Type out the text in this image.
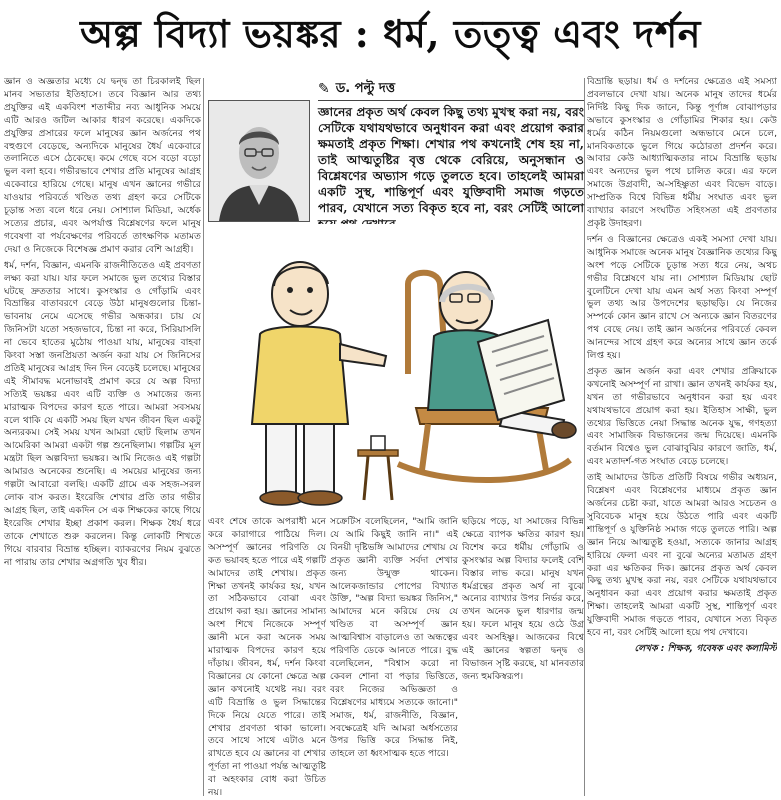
অল্প বিদ্যা ভয়ঙ্কর : ধর্ম, তত্ত্ব এবং দর্শন

জ্ঞান ও অজ্ঞতার মধ্যে যে দ্বন্দ্ব তা চিরকালই ছিল মানব সভ্যতার ইতিহাসে। তবে বিজ্ঞান আর তথ্য প্রযুক্তির এই একবিংশ শতাব্দীর নব্য আধুনিক সময়ে এটি আরও জটিল আকার ধারণ করেছে। একদিকে প্রযুক্তির প্রসারের ফলে মানুষের জ্ঞান অর্জনের পথ বহুগুণে বেড়েছে, অন্যদিকে মানুষের ধৈর্য একেবারে তলানিতে এসে ঠেকেছে। কমে গেছে বসে বড়ো বড়ো ভুল বলা হবে। গভীরভাবে শেখার প্রতি মানুষের আগ্রহ একেবারে হারিয়ে গেছে। মানুষ এখন জ্ঞানের গভীরে যাওয়ার পরিবর্তে খণ্ডিত তথ্য গ্রহণ করে সেটিকে চূড়ান্ত সত্য বলে ধরে নেয়। সোশ্যাল মিডিয়া, অর্ধেক সত্যের প্রচার, এবং অপর্যাপ্ত বিশ্লেষণের ফলে মানুষ গবেষণা বা পর্যবেক্ষণের পরিবর্তে তাৎক্ষণিক মতামত দেয়া ও নিজেকে বিশেষজ্ঞ প্রমাণ করার বেশি আগ্রহী।

ধর্ম, দর্শন, বিজ্ঞান, এমনকি রাজনীতিতেও এই প্রবণতা লক্ষ্য করা যায়। যার ফলে সমাজে ভুল তথ্যের বিস্তার ঘটছে দ্রুততার সাথে। কুসংস্কার ও গোঁড়ামি এবং বিভ্রান্তির বাতাবরণে বেড়ে উঠা মানুষগুলোর চিন্তা-ভাবনায় নেমে এসেছে গভীর অন্ধকার। চায় যে জিনিসটা যতো সহজভাবে, চিন্তা না করে, সিরিয়াসলি না ভেবে হাতের মুঠোয় পাওয়া যায়, মানুষের বাহবা কিংবা সস্তা জনপ্রিয়তা অর্জন করা যায় সে জিনিসের প্রতিই মানুষের আগ্রহ দিন দিন বেড়েই চলেছে। মানুষের এই সীমাবদ্ধ মনোভাবই প্রমাণ করে যে অল্প বিদ্যা সত্যিই ভয়ঙ্কর এবং এটি ব্যক্তি ও সমাজের জন্য মারাত্মক বিপদের কারণ হতে পারে। আমরা সবসময় বলে থাকি যে একটি সময় ছিল যখন জীবন ছিল একটু অন্যরকম। সেই সময় যখন আমরা ছোট ছিলাম তখন আমেরিকা আমরা একটা গল্প শুনেছিলাম। গল্পটির মূল মন্ত্রটা ছিল অল্পবিদ্যা ভয়ঙ্কর। আমি নিজেও এই গল্পটা আমারও অনেকের শুনেছি। এ সময়ের মানুষের জন্য গল্পটা আবারো বলছি। একটি গ্রামে এক সহজ-সরল লোক বাস করত। ইংরেজি শেখার প্রতি তার গভীর আগ্রহ ছিল, তাই একদিন সে এক শিক্ষকের কাছে গিয়ে ইংরেজি শেখার ইচ্ছা প্রকাশ করল। শিক্ষক ধৈর্য ধরে তাকে শেখাতে শুরু করলেন। কিন্তু লোকটি শিখতে গিয়ে বারবার বিভ্রান্ত হচ্ছিল। ব্যাকরণের নিয়ম বুঝতে না পারায় তার শেখার অগ্রগতি খুব ধীর।

✎ ড. পল্টু দত্ত
জ্ঞানের প্রকৃত অর্থ কেবল কিছু তথ্য মুখস্থ করা নয়, বরং সেটিকে যথাযথভাবে অনুধাবন করা এবং প্রয়োগ করার ক্ষমতাই প্রকৃত শিক্ষা। শেখার পথ কখনোই শেষ হয় না, তাই আত্মতুষ্টির বৃত্ত থেকে বেরিয়ে, অনুসন্ধান ও বিশ্লেষণের অভ্যাস গড়ে তুলতে হবে। তাহলেই আমরা একটি সুস্থ, শান্তিপূর্ণ এবং যুক্তিবাদী সমাজ গড়তে পারব, যেখানে সত্য বিকৃত হবে না, বরং সেটিই আলো

এবং শেষে তাকে অপরাধী মনে করে কারাগারে পাঠিয়ে দিল। অসম্পূর্ণ জ্ঞানের পরিণতি যে কত ভয়াবহ হতে পারে এই গল্পটি আমাদের তাই শেখায়। প্রকৃত শিক্ষা তখনই কার্যকর হয়, যখন তা সঠিকভাবে বোঝা এবং প্রয়োগ করা হয়। জ্ঞানের সামান্য অংশ শিখে নিজেকে সম্পূর্ণ জ্ঞানী মনে করা অনেক সময় মারাত্মক বিপদের কারণ হয়ে দাঁড়ায়। জীবন, ধর্ম, দর্শন কিংবা বিজ্ঞানের যে কোনো ক্ষেত্রে অল্প জ্ঞান কখনোই যথেষ্ট নয়। বরং এটি বিভ্রান্তি ও ভুল সিদ্ধান্তের দিকে নিয়ে যেতে পারে। তাই শেখার প্রবণতা থাকা ভালো। তবে সাথে সাথে এটাও মনে রাখতে হবে যে জ্ঞানের বা শেখার পূর্ণতা না পাওয়া পর্যন্ত আত্মতুষ্টি বা অহংকার বোধ করা উচিত নয়।

সক্রেটিস বলেছিলেন, "আমি জানি যে আমি কিছুই জানি না।" এই বিনয়ী দৃষ্টিভঙ্গি আমাদের শেখায় যে প্রকৃত জ্ঞানী ব্যক্তি সর্বদা শেখার জন্য উন্মুক্ত থাকেন। আলেকজান্ডার পোপের বিখ্যাত উক্তি, "অল্প বিদ্যা ভয়ঙ্কর জিনিস," আমাদের মনে করিয়ে দেয় যে খণ্ডিত বা অসম্পূর্ণ জ্ঞান আত্মবিশ্বাস বাড়ালেও তা অন্ধত্বের পরিণতি ডেকে আনতে পারে। বুদ্ধ বলেছিলেন, "বিশ্বাস করো না কেবল শোনা বা পড়ার ভিত্তিতে, বরং নিজের অভিজ্ঞতা ও বিশ্লেষণের মাধ্যমে সত্যকে জানো।" সমাজ, ধর্ম, রাজনীতি, বিজ্ঞান, সবক্ষেত্রেই যদি আমরা অর্ধসত্যের উপর ভিত্তি করে সিদ্ধান্ত নিই, তাহলে তা ধ্বংসাত্মক হতে পারে।

ছড়িয়ে পড়ে, যা সমাজের বিভিন্ন ক্ষেত্রে ব্যাপক ক্ষতির কারণ হয়। বিশেষ করে ধর্মীয় গোঁড়ামি ও কুসংস্কার অল্প বিদ্যার ফলেই বেশি বিস্তার লাভ করে। মানুষ যখন ধর্মগ্রন্থের প্রকৃত অর্থ না বুঝে অন্যের ব্যাখ্যার উপর নির্ভর করে, তখন অনেক ভুল ধারণার জন্ম হয়। ফলে মানুষ হয়ে ওঠে উগ্র এবং অসহিষ্ণু। আজকের বিশ্বে এই জ্ঞানের স্বল্পতা দ্বন্দ্ব ও বিভাজন সৃষ্টি করছে, যা মানবতার জন্য হুমকিস্বরূপ।

বিভ্রান্তি ছড়ায়। ধর্ম ও দর্শনের ক্ষেত্রেও এই সমস্যা প্রবলভাবে দেখা যায়। অনেক মানুষ তাদের ধর্মের নির্দিষ্ট কিছু দিক জানে, কিন্তু পূর্ণাঙ্গ বোঝাপড়ার অভাবে কুসংস্কার ও গোঁড়ামির শিকার হয়। কেউ ধর্মের কঠিন নিয়মগুলো অন্ধভাবে মেনে চলে, মানবিকতাকে ভুলে গিয়ে কঠোরতা প্রদর্শন করে। আবার কেউ আধ্যাত্মিকতার নামে বিভ্রান্তি ছড়ায় এবং অন্যদের ভুল পথে চালিত করে। এর ফলে সমাজে উগ্রবাদী, অ-সহিষ্ণুতা এবং বিভেদ বাড়ে। সাম্প্রতিক বিশ্বে বিভিন্ন ধর্মীয় সংঘাত এবং ভুল ব্যাখ্যার কারণে সংঘটিত সহিংসতা এই প্রবণতার প্রকৃষ্ট উদাহরণ।

দর্শন ও বিজ্ঞানের ক্ষেত্রেও একই সমস্যা দেখা যায়। আধুনিক সমাজে অনেক মানুষ বৈজ্ঞানিক তথ্যের কিছু অংশ পড়ে সেটিকে চূড়ান্ত সত্য ধরে নেয়, অথচ গভীর বিশ্লেষণে যায় না। সোশ্যাল মিডিয়ায় ছোট বুলেটিনে দেখা যায় এমন অর্থ সত্য কিংবা সম্পূর্ণ ভুল তথ্য আর উপদেশের ছড়াছড়ি। যে নিজের সম্পর্কে কোন জ্ঞান রাখে সে অন্যকে জ্ঞান বিতরণের পথ বেছে নেয়। তাই জ্ঞান অর্জনের পরিবর্তে কেবল আনন্দের সাথে গ্রহণ করে অন্যের সাথে জ্ঞান তর্কে লিপ্ত হয়।

প্রকৃত জ্ঞান অর্জন করা এবং শেখার প্রক্রিয়াকে কখনোই অসম্পূর্ণ না রাখা। জ্ঞান তখনই কার্যকর হয়, যখন তা গভীরভাবে অনুধাবন করা হয় এবং যথাযথভাবে প্রয়োগ করা হয়। ইতিহাস সাক্ষী, ভুল তথ্যের ভিত্তিতে নেয়া সিদ্ধান্ত অনেক যুদ্ধ, গণহত্যা এবং সামাজিক বিভাজনের জন্ম দিয়েছে। এমনকি বর্তমান বিশ্বেও ভুল বোঝাবুঝির কারণে জাতি, ধর্ম, এবং মতাদর্শ-গত সংঘাত বেড়ে চলেছে।

তাই আমাদের উচিত প্রতিটি বিষয়ে গভীর অধ্যয়ন, বিশ্লেষণ এবং বিশ্লেষণের মাধ্যমে প্রকৃত জ্ঞান অর্জনের চেষ্টা করা, যাতে আমরা আরও সচেতন ও সুবিবেচক মানুষ হয়ে উঠতে পারি এবং একটি শান্তিপূর্ণ ও যুক্তিনিষ্ঠ সমাজ গড়ে তুলতে পারি। অল্প জ্ঞান নিয়ে আত্মতুষ্ট হওয়া, সত্যকে জানার আগ্রহ হারিয়ে ফেলা এবং না বুঝে অন্যের মতামত গ্রহণ করা এর ক্ষতিকর দিক। জ্ঞানের প্রকৃত অর্থ কেবল কিছু তথ্য মুখস্থ করা নয়, বরং সেটিকে যথাযথভাবে অনুধাবন করা এবং প্রয়োগ করার ক্ষমতাই প্রকৃত শিক্ষা। তাহলেই আমরা একটি সুস্থ, শান্তিপূর্ণ এবং যুক্তিবাদী সমাজ গড়তে পারব, যেখানে সত্য বিকৃত হবে না, বরং সেটিই আলো হয়ে পথ দেখাবে।

লেখক : শিক্ষক, গবেষক এবং কলামিস্ট
